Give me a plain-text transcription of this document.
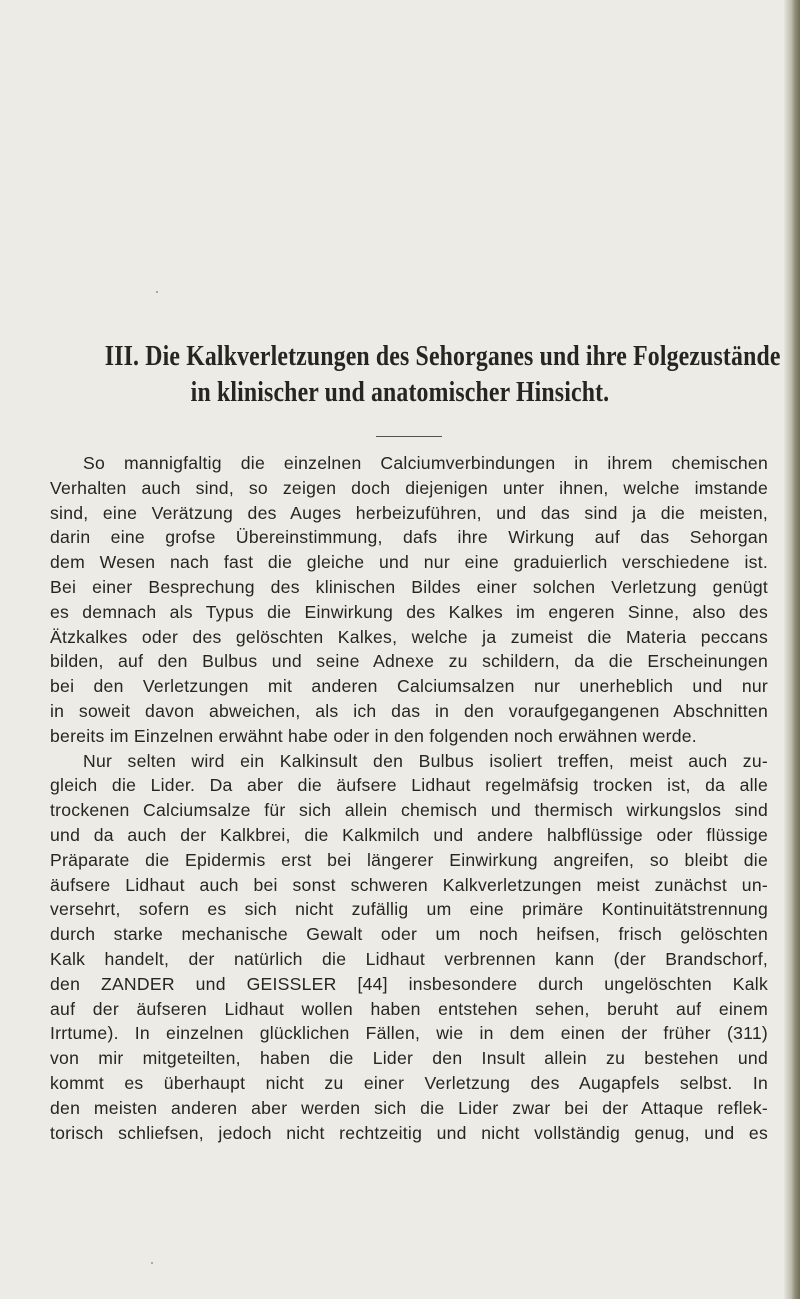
III. Die Kalkverletzungen des Sehorganes und ihre Folgezustände
in klinischer und anatomischer Hinsicht.
So mannigfaltig die einzelnen Calciumverbindungen in ihrem chemischen
Verhalten auch sind, so zeigen doch diejenigen unter ihnen, welche imstande
sind, eine Verätzung des Auges herbeizuführen, und das sind ja die meisten,
darin eine grofse Übereinstimmung, dafs ihre Wirkung auf das Sehorgan
dem Wesen nach fast die gleiche und nur eine graduierlich verschiedene ist.
Bei einer Besprechung des klinischen Bildes einer solchen Verletzung genügt
es demnach als Typus die Einwirkung des Kalkes im engeren Sinne, also des
Ätzkalkes oder des gelöschten Kalkes, welche ja zumeist die Materia peccans
bilden, auf den Bulbus und seine Adnexe zu schildern, da die Erscheinungen
bei den Verletzungen mit anderen Calciumsalzen nur unerheblich und nur
in soweit davon abweichen, als ich das in den voraufgegangenen Abschnitten
bereits im Einzelnen erwähnt habe oder in den folgenden noch erwähnen werde.
Nur selten wird ein Kalkinsult den Bulbus isoliert treffen, meist auch zu-
gleich die Lider. Da aber die äufsere Lidhaut regelmäfsig trocken ist, da alle
trockenen Calciumsalze für sich allein chemisch und thermisch wirkungslos sind
und da auch der Kalkbrei, die Kalkmilch und andere halbflüssige oder flüssige
Präparate die Epidermis erst bei längerer Einwirkung angreifen, so bleibt die
äufsere Lidhaut auch bei sonst schweren Kalkverletzungen meist zunächst un-
versehrt, sofern es sich nicht zufällig um eine primäre Kontinuitätstrennung
durch starke mechanische Gewalt oder um noch heifsen, frisch gelöschten
Kalk handelt, der natürlich die Lidhaut verbrennen kann (der Brandschorf,
den ZANDER und GEISSLER [44] insbesondere durch ungelöschten Kalk
auf der äufseren Lidhaut wollen haben entstehen sehen, beruht auf einem
Irrtume). In einzelnen glücklichen Fällen, wie in dem einen der früher (311)
von mir mitgeteilten, haben die Lider den Insult allein zu bestehen und
kommt es überhaupt nicht zu einer Verletzung des Augapfels selbst. In
den meisten anderen aber werden sich die Lider zwar bei der Attaque reflek-
torisch schliefsen, jedoch nicht rechtzeitig und nicht vollständig genug, und es
